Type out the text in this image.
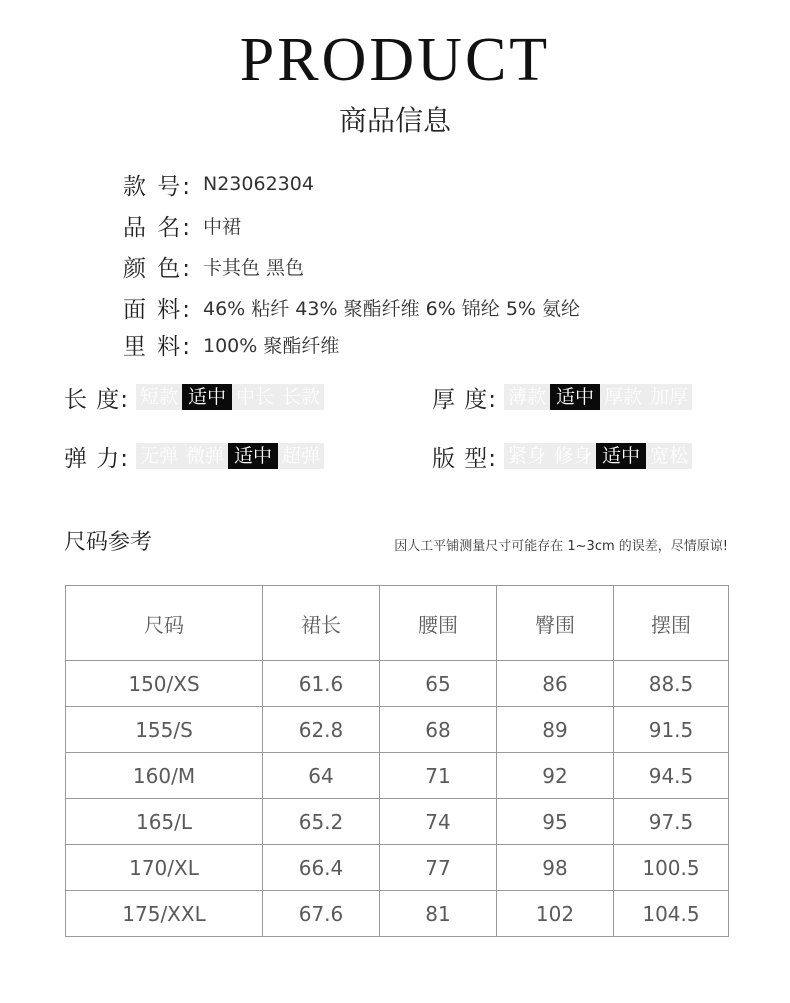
PRODUCT
商品信息
款 号: N23062304
品 名: 中裙
颜 色: 卡其色 黑色
面 料: 46% 粘纤 43% 聚酯纤维 6% 锦纶 5% 氨纶
里 料: 100% 聚酯纤维
长 度: 短款 适中 中长 长款	厚 度: 薄款 适中 厚款 加厚
弹 力: 无弹 微弹 适中 超弹	版 型: 紧身 修身 适中 宽松
尺码参考	因人工平铺测量尺寸可能存在 1~3cm 的误差，尽情原谅!
尺码	裙长	腰围	臀围	摆围
150/XS	61.6	65	86	88.5
155/S	62.8	68	89	91.5
160/M	64	71	92	94.5
165/L	65.2	74	95	97.5
170/XL	66.4	77	98	100.5
175/XXL	67.6	81	102	104.5
